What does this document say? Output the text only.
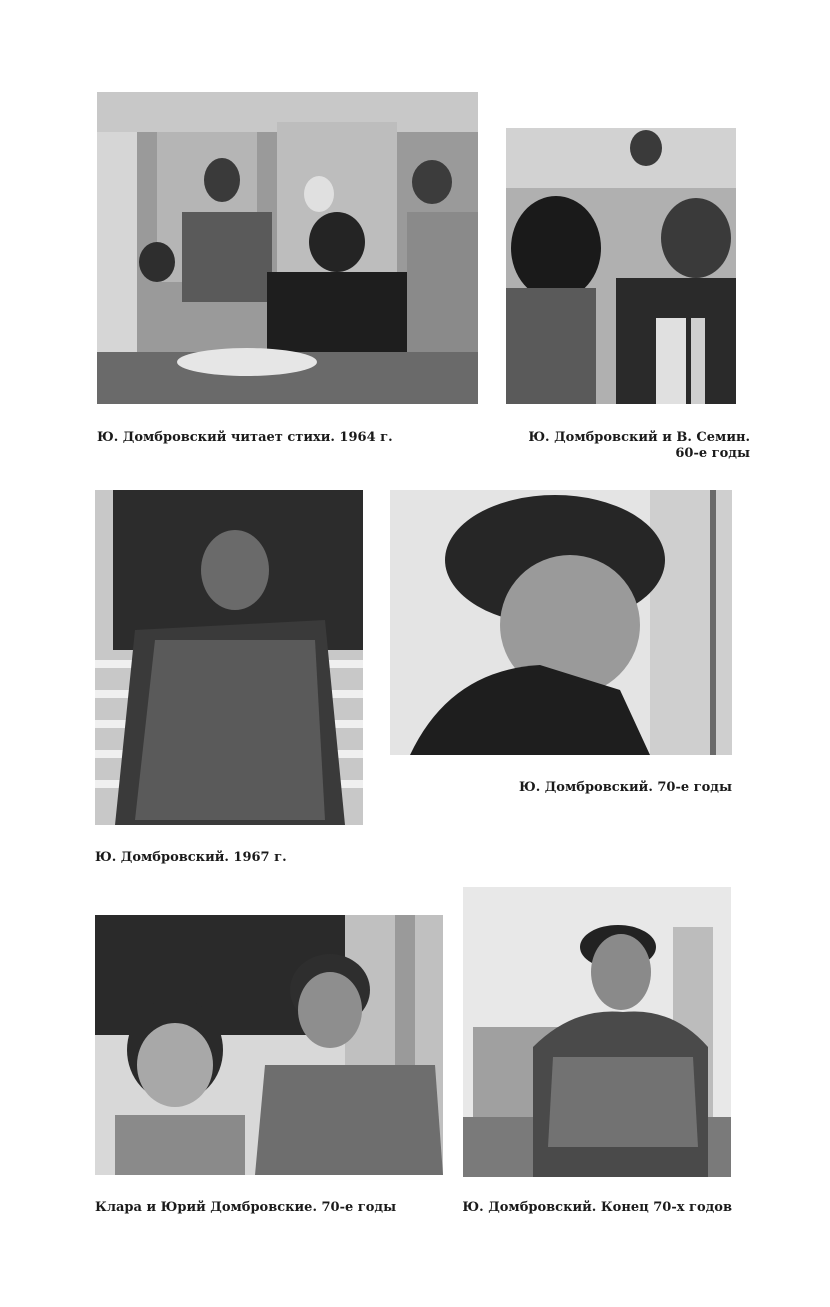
Ю. Домбровский читает стихи. 1964 г.	Ю. Домбровский и В. Семин.
60-е годы
Ю. Домбровский. 1967 г.
Ю. Домбровский. 70-е годы
Клара и Юрий Домбровские. 70-е годы	Ю. Домбровский. Конец 70-х годов
